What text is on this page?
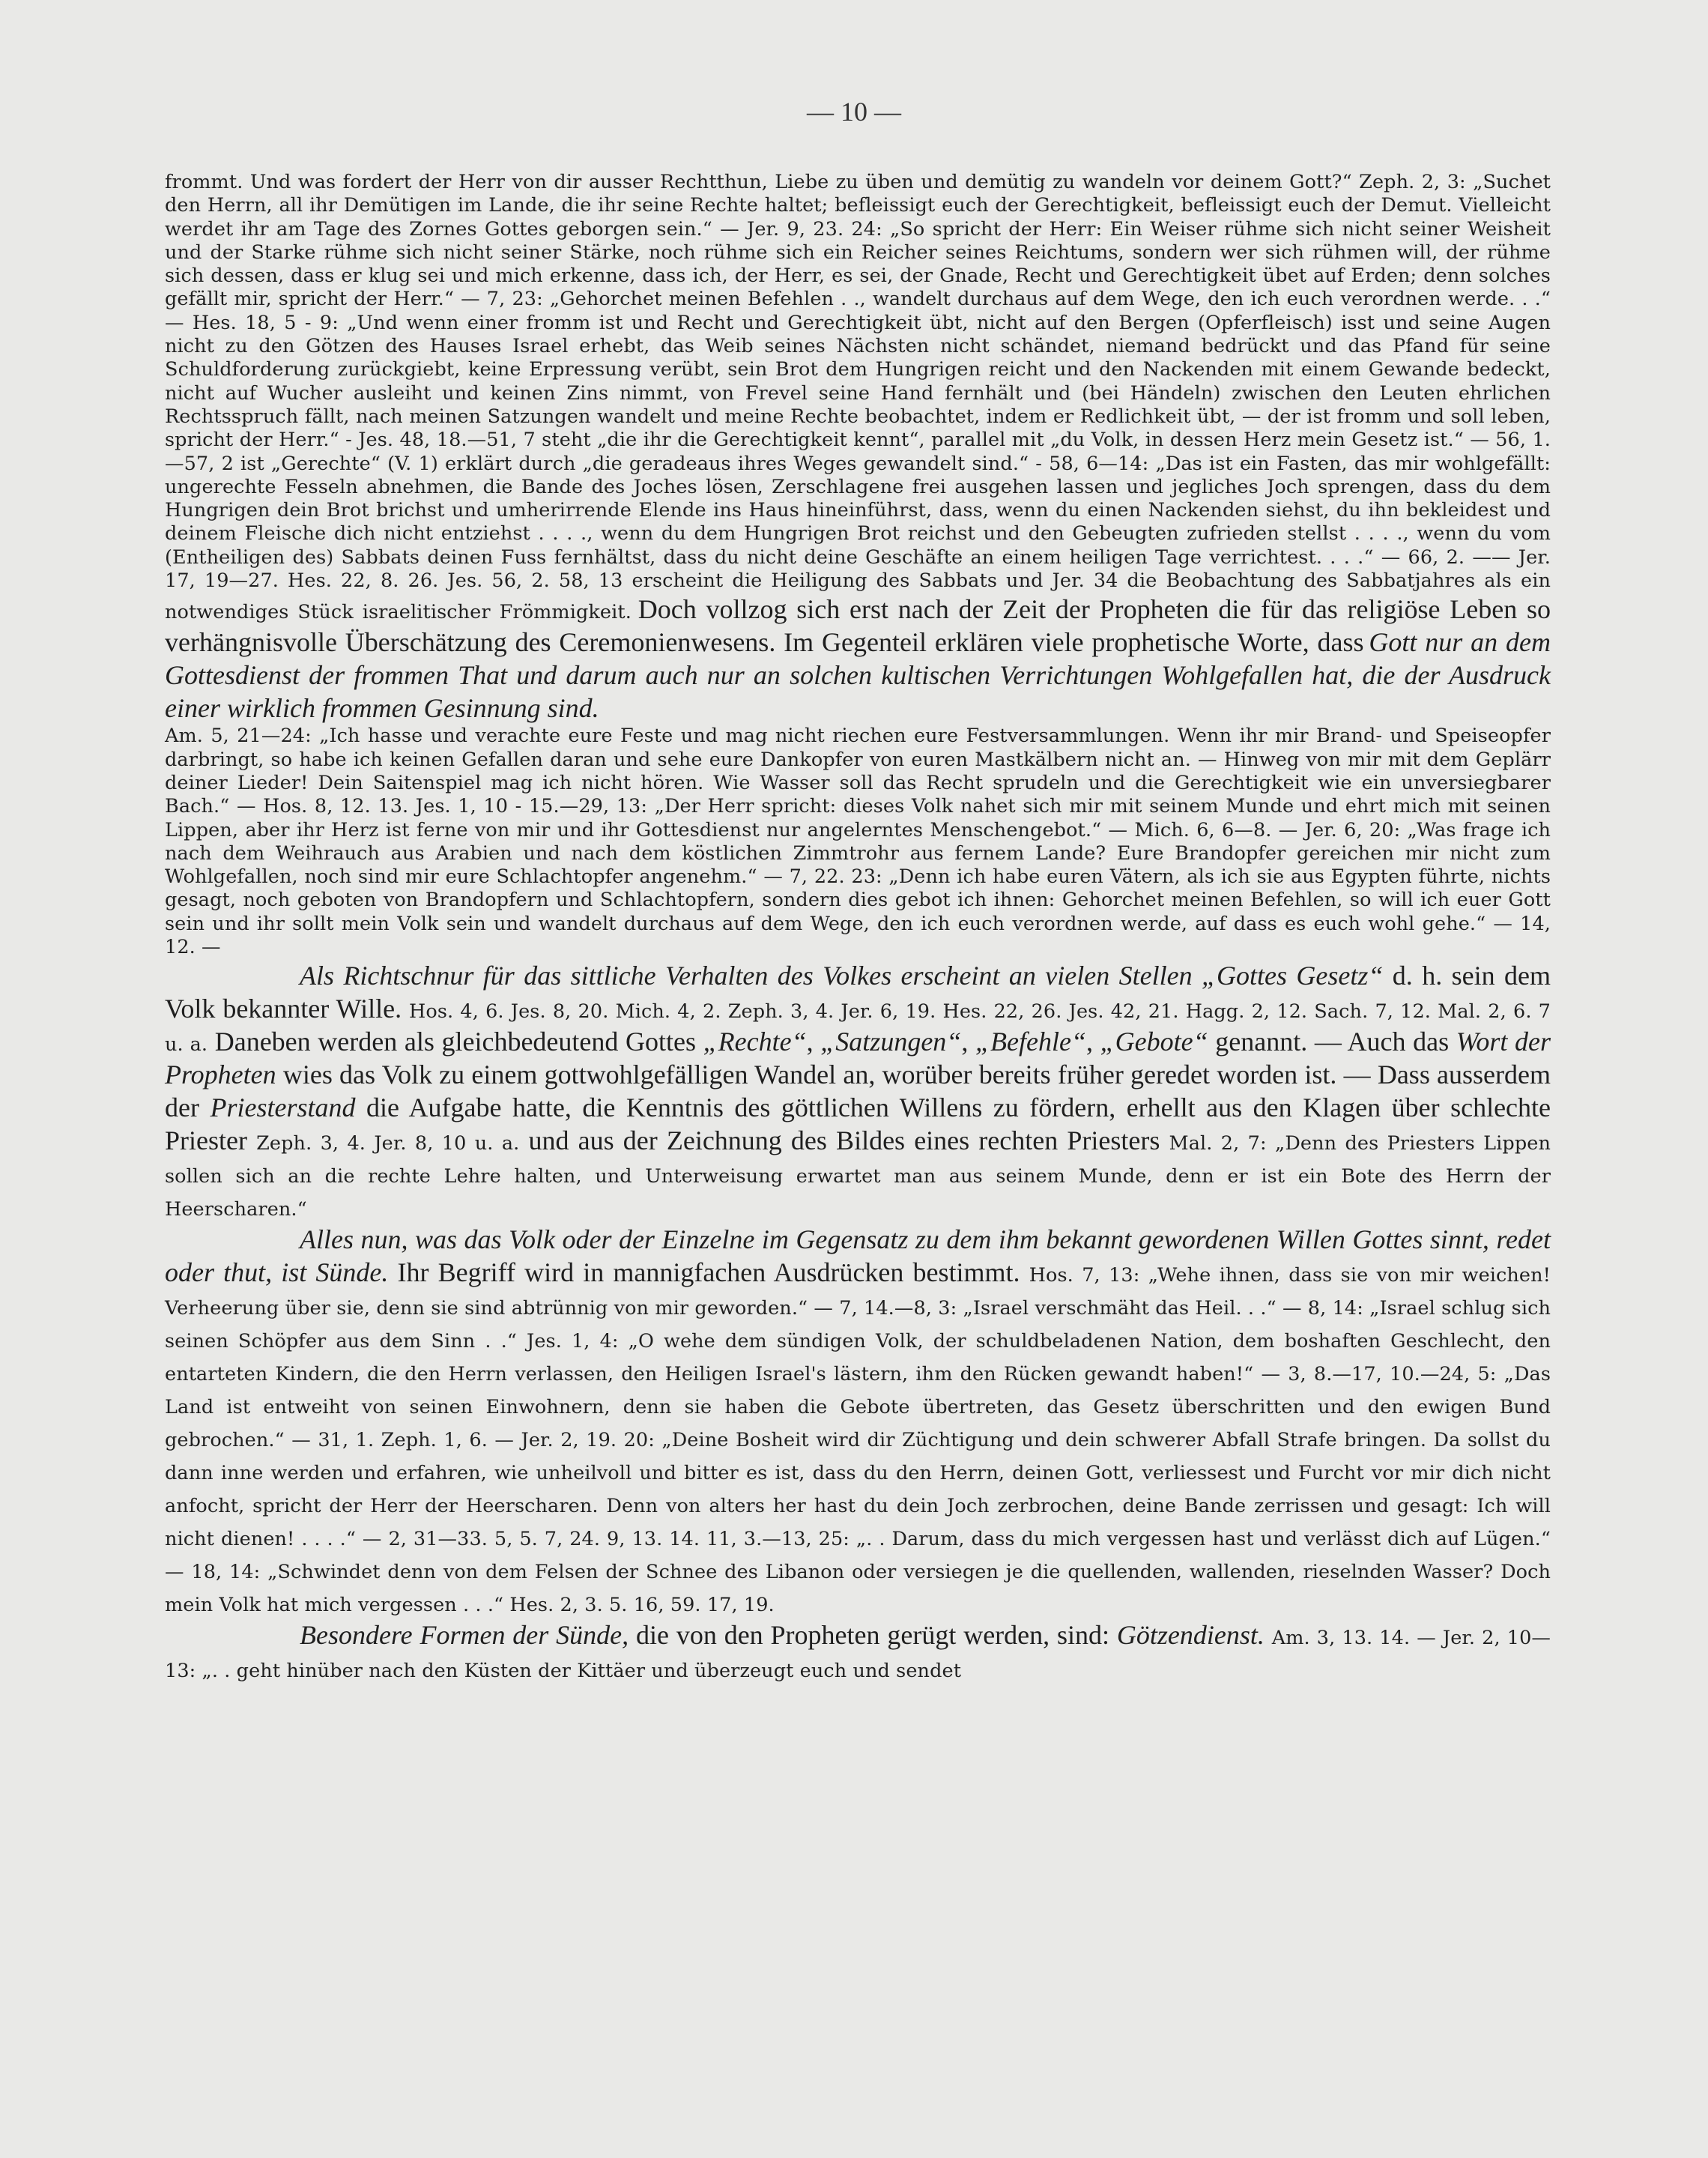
— 10 —

frommt. Und was fordert der Herr von dir ausser Rechtthun, Liebe zu üben und demütig zu wandeln vor deinem Gott?“ Zeph. 2, 3: „Suchet den Herrn, all ihr Demütigen im Lande, die ihr seine Rechte haltet; befleissigt euch der Gerechtigkeit, befleissigt euch der Demut. Vielleicht werdet ihr am Tage des Zornes Gottes geborgen sein.“ — Jer. 9, 23. 24: „So spricht der Herr: Ein Weiser rühme sich nicht seiner Weisheit und der Starke rühme sich nicht seiner Stärke, noch rühme sich ein Reicher seines Reichtums, sondern wer sich rühmen will, der rühme sich dessen, dass er klug sei und mich erkenne, dass ich, der Herr, es sei, der Gnade, Recht und Gerechtigkeit übet auf Erden; denn solches gefällt mir, spricht der Herr.“ — 7, 23: „Gehorchet meinen Befehlen . ., wandelt durchaus auf dem Wege, den ich euch verordnen werde. . .“ — Hes. 18, 5 - 9: „Und wenn einer fromm ist und Recht und Gerechtigkeit übt, nicht auf den Bergen (Opferfleisch) isst und seine Augen nicht zu den Götzen des Hauses Israel erhebt, das Weib seines Nächsten nicht schändet, niemand bedrückt und das Pfand für seine Schuldforderung zurückgiebt, keine Erpressung verübt, sein Brot dem Hungrigen reicht und den Nackenden mit einem Gewande bedeckt, nicht auf Wucher ausleiht und keinen Zins nimmt, von Frevel seine Hand fernhält und (bei Händeln) zwischen den Leuten ehrlichen Rechtsspruch fällt, nach meinen Satzungen wandelt und meine Rechte beobachtet, indem er Redlichkeit übt, — der ist fromm und soll leben, spricht der Herr.“ - Jes. 48, 18.—51, 7 steht „die ihr die Gerechtigkeit kennt“, parallel mit „du Volk, in dessen Herz mein Gesetz ist.“ — 56, 1.—57, 2 ist „Gerechte“ (V. 1) erklärt durch „die geradeaus ihres Weges gewandelt sind.“ - 58, 6—14: „Das ist ein Fasten, das mir wohlgefällt: ungerechte Fesseln abnehmen, die Bande des Joches lösen, Zerschlagene frei ausgehen lassen und jegliches Joch sprengen, dass du dem Hungrigen dein Brot brichst und umherirrende Elende ins Haus hineinführst, dass, wenn du einen Nackenden siehst, du ihn bekleidest und deinem Fleische dich nicht entziehst . . . ., wenn du dem Hungrigen Brot reichst und den Gebeugten zufrieden stellst . . . ., wenn du vom (Entheiligen des) Sabbats deinen Fuss fernhältst, dass du nicht deine Geschäfte an einem heiligen Tage verrichtest. . . .“ — 66, 2. —— Jer. 17, 19—27. Hes. 22, 8. 26. Jes. 56, 2. 58, 13 erscheint die Heiligung des Sabbats und Jer. 34 die Beobachtung des Sabbatjahres als ein notwendiges Stück israelitischer Frömmigkeit. Doch vollzog sich erst nach der Zeit der Propheten die für das religiöse Leben so verhängnisvolle Überschätzung des Ceremonienwesens. Im Gegenteil erklären viele prophetische Worte, dass Gott nur an dem Gottesdienst der frommen That und darum auch nur an solchen kultischen Verrichtungen Wohlgefallen hat, die der Ausdruck einer wirklich frommen Gesinnung sind.

Am. 5, 21—24: „Ich hasse und verachte eure Feste und mag nicht riechen eure Festversammlungen. Wenn ihr mir Brand- und Speiseopfer darbringt, so habe ich keinen Gefallen daran und sehe eure Dankopfer von euren Mastkälbern nicht an. — Hinweg von mir mit dem Geplärr deiner Lieder! Dein Saitenspiel mag ich nicht hören. Wie Wasser soll das Recht sprudeln und die Gerechtigkeit wie ein unversiegbarer Bach.“ — Hos. 8, 12. 13. Jes. 1, 10 - 15.—29, 13: „Der Herr spricht: dieses Volk nahet sich mir mit seinem Munde und ehrt mich mit seinen Lippen, aber ihr Herz ist ferne von mir und ihr Gottesdienst nur angelerntes Menschengebot.“ — Mich. 6, 6—8. — Jer. 6, 20: „Was frage ich nach dem Weihrauch aus Arabien und nach dem köstlichen Zimmtrohr aus fernem Lande? Eure Brandopfer gereichen mir nicht zum Wohlgefallen, noch sind mir eure Schlachtopfer angenehm.“ — 7, 22. 23: „Denn ich habe euren Vätern, als ich sie aus Egypten führte, nichts gesagt, noch geboten von Brandopfern und Schlachtopfern, sondern dies gebot ich ihnen: Gehorchet meinen Befehlen, so will ich euer Gott sein und ihr sollt mein Volk sein und wandelt durchaus auf dem Wege, den ich euch verordnen werde, auf dass es euch wohl gehe.“ — 14, 12. —

Als Richtschnur für das sittliche Verhalten des Volkes erscheint an vielen Stellen „Gottes Gesetz“ d. h. sein dem Volk bekannter Wille. Hos. 4, 6. Jes. 8, 20. Mich. 4, 2. Zeph. 3, 4. Jer. 6, 19. Hes. 22, 26. Jes. 42, 21. Hagg. 2, 12. Sach. 7, 12. Mal. 2, 6. 7 u. a. Daneben werden als gleichbedeutend Gottes „Rechte“, „Satzungen“, „Befehle“, „Gebote“ genannt. — Auch das Wort der Propheten wies das Volk zu einem gottwohlgefälligen Wandel an, worüber bereits früher geredet worden ist. — Dass ausserdem der Priesterstand die Aufgabe hatte, die Kenntnis des göttlichen Willens zu fördern, erhellt aus den Klagen über schlechte Priester Zeph. 3, 4. Jer. 8, 10 u. a. und aus der Zeichnung des Bildes eines rechten Priesters Mal. 2, 7: „Denn des Priesters Lippen sollen sich an die rechte Lehre halten, und Unterweisung erwartet man aus seinem Munde, denn er ist ein Bote des Herrn der Heerscharen.“

Alles nun, was das Volk oder der Einzelne im Gegensatz zu dem ihm bekannt gewordenen Willen Gottes sinnt, redet oder thut, ist Sünde. Ihr Begriff wird in mannigfachen Ausdrücken bestimmt. Hos. 7, 13: „Wehe ihnen, dass sie von mir weichen! Verheerung über sie, denn sie sind abtrünnig von mir geworden.“ — 7, 14.—8, 3: „Israel verschmäht das Heil. . .“ — 8, 14: „Israel schlug sich seinen Schöpfer aus dem Sinn . .“ Jes. 1, 4: „O wehe dem sündigen Volk, der schuldbeladenen Nation, dem boshaften Geschlecht, den entarteten Kindern, die den Herrn verlassen, den Heiligen Israel's lästern, ihm den Rücken gewandt haben!“ — 3, 8.—17, 10.—24, 5: „Das Land ist entweiht von seinen Einwohnern, denn sie haben die Gebote übertreten, das Gesetz überschritten und den ewigen Bund gebrochen.“ — 31, 1. Zeph. 1, 6. — Jer. 2, 19. 20: „Deine Bosheit wird dir Züchtigung und dein schwerer Abfall Strafe bringen. Da sollst du dann inne werden und erfahren, wie unheilvoll und bitter es ist, dass du den Herrn, deinen Gott, verliessest und Furcht vor mir dich nicht anfocht, spricht der Herr der Heerscharen. Denn von alters her hast du dein Joch zerbrochen, deine Bande zerrissen und gesagt: Ich will nicht dienen! . . . .“ — 2, 31—33. 5, 5. 7, 24. 9, 13. 14. 11, 3.—13, 25: „. . Darum, dass du mich vergessen hast und verlässt dich auf Lügen.“ — 18, 14: „Schwindet denn von dem Felsen der Schnee des Libanon oder versiegen je die quellenden, wallenden, rieselnden Wasser? Doch mein Volk hat mich vergessen . . .“ Hes. 2, 3. 5. 16, 59. 17, 19.

Besondere Formen der Sünde, die von den Propheten gerügt werden, sind: Götzendienst. Am. 3, 13. 14. — Jer. 2, 10—13: „. . geht hinüber nach den Küsten der Kittäer und überzeugt euch und sendet
